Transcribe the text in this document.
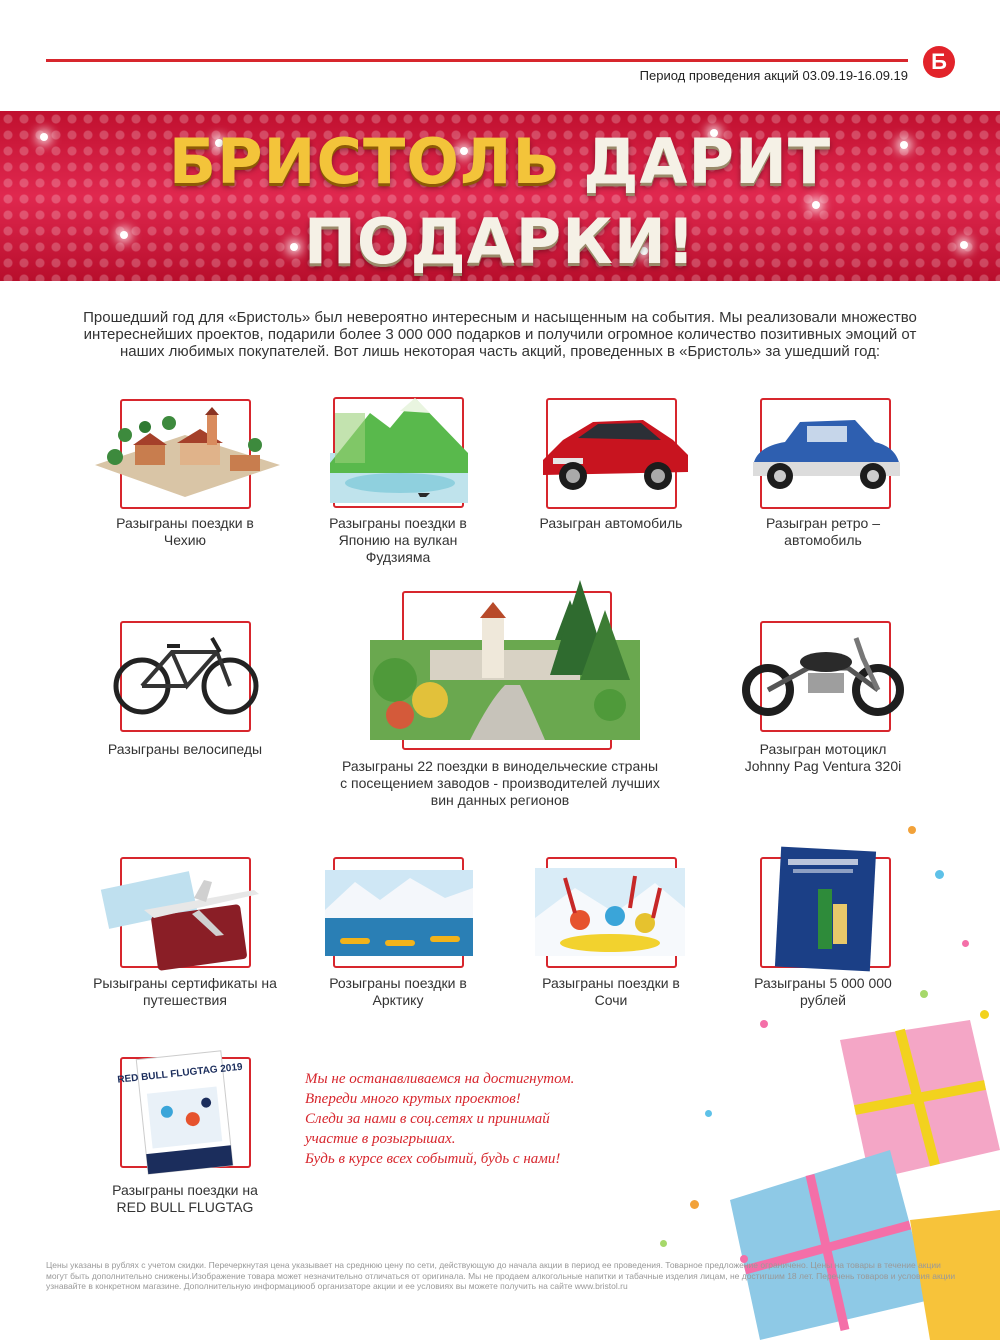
Б
Период проведения акций 03.09.19-16.09.19
БРИСТОЛЬ ДАРИТ
ПОДАРКИ!
Прошедший год для «Бристоль» был невероятно интересным и насыщенным на события. Мы реализовали множество интереснейших проектов, подарили более 3 000 000 подарков и получили огромное количество позитивных эмоций от наших любимых покупателей. Вот лишь некоторая часть акций, проведенных в «Бристоль» за ушедший год:
Разыграны поездки в Чехию
Разыграны поездки в Японию на вулкан Фудзияма
Разыгран автомобиль	Разыгран ретро – автомобиль
Разыграны велосипеды
Разыграны 22 поездки в винодельческие страны с посещением заводов - производителей лучших вин данных регионов
Разыгран мотоцикл Johnny Pag Ventura 320i
Рызыграны сертификаты на путешествия
Розыграны поездки в Арктику
Разыграны поездки в Сочи
Разыграны 5 000 000 рублей
RED BULL FLUGTAG 2019
Разыграны поездки на RED BULL FLUGTAG
Мы не останавливаемся на достигнутом.
Впереди много крутых проектов!
Следи за нами в соц.сетях и принимай
участие в розыгрышах.
Будь в курсе всех событий, будь с нами!
Цены указаны в рублях с учетом скидки. Перечеркнутая цена указывает на среднюю цену по сети, действующую до начала акции в период ее проведения. Товарное предложение ограничено. Цены на товары в течение акции могут быть дополнительно снижены.Изображение товара может незначительно отличаться от оригинала. Мы не продаем алкогольные напитки и табачные изделия лицам, не достигшим 18 лет. Перечень товаров и условия акции узнавайте в конкретном магазине. Дополнительную информациюоб организаторе акции и ее условиях вы можете получить на сайте www.bristol.ru
